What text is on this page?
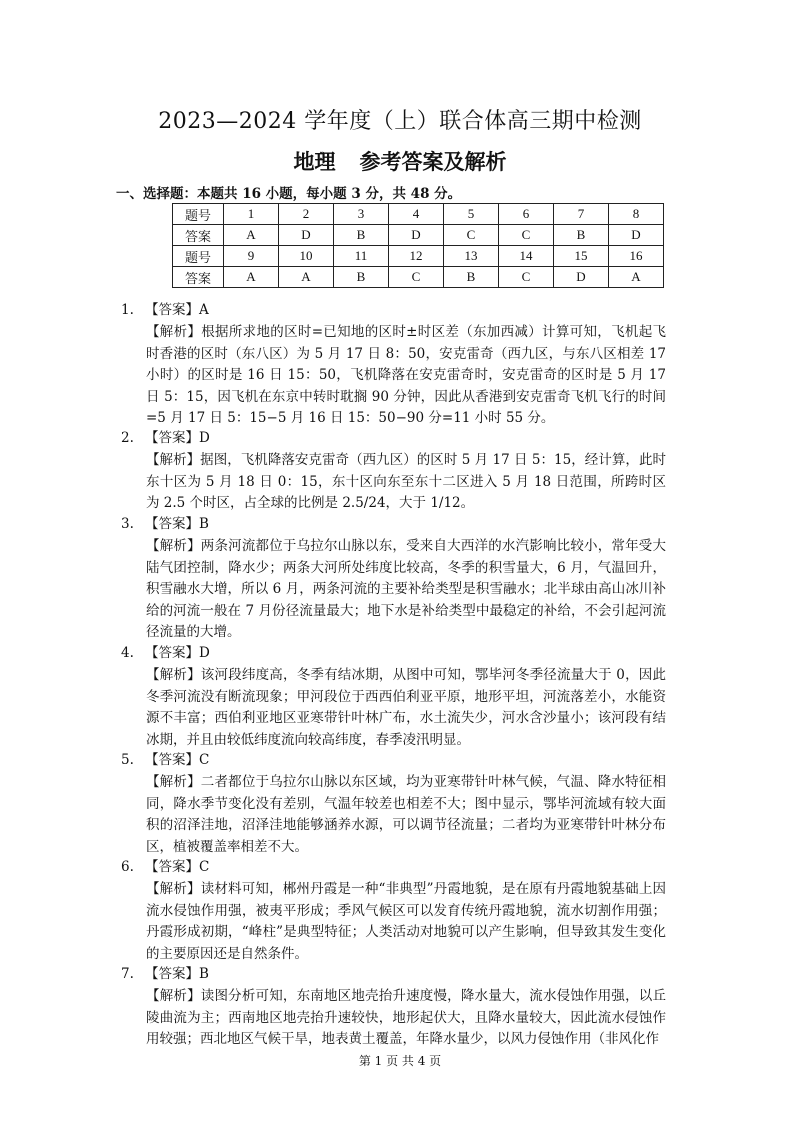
2023—2024 学年度（上）联合体高三期中检测
地理 参考答案及解析
一、选择题：本题共 16 小题，每小题 3 分，共 48 分。
题号	1	2	3	4	5	6	7	8
答案	A	D	B	D	C	C	B	D
题号	9	10	11	12	13	14	15	16
答案	A	A	B	C	B	C	D	A
1. 【答案】A
【解析】根据所求地的区时=已知地的区时±时区差（东加西减）计算可知，飞机起飞时香港的区时（东八区）为 5 月 17 日 8：50，安克雷奇（西九区，与东八区相差 17 小时）的区时是 16 日 15：50，飞机降落在安克雷奇时，安克雷奇的区时是 5 月 17 日 5：15，因飞机在东京中转时耽搁 90 分钟，因此从香港到安克雷奇飞机飞行的时间=5 月 17 日 5：15−5 月 16 日 15：50−90 分=11 小时 55 分。
2. 【答案】D
【解析】据图，飞机降落安克雷奇（西九区）的区时 5 月 17 日 5：15，经计算，此时东十区为 5 月 18 日 0：15，东十区向东至东十二区进入 5 月 18 日范围，所跨时区为 2.5 个时区，占全球的比例是 2.5/24，大于 1/12。
3. 【答案】B
【解析】两条河流都位于乌拉尔山脉以东，受来自大西洋的水汽影响比较小，常年受大陆气团控制，降水少；两条大河所处纬度比较高，冬季的积雪量大，6 月，气温回升，积雪融水大增，所以 6 月，两条河流的主要补给类型是积雪融水；北半球由高山冰川补给的河流一般在 7 月份径流量最大；地下水是补给类型中最稳定的补给，不会引起河流径流量的大增。
4. 【答案】D
【解析】该河段纬度高，冬季有结冰期，从图中可知，鄂毕河冬季径流量大于 0，因此冬季河流没有断流现象；甲河段位于西西伯利亚平原，地形平坦，河流落差小，水能资源不丰富；西伯利亚地区亚寒带针叶林广布，水土流失少，河水含沙量小；该河段有结冰期，并且由较低纬度流向较高纬度，春季凌汛明显。
5. 【答案】C
【解析】二者都位于乌拉尔山脉以东区域，均为亚寒带针叶林气候，气温、降水特征相同，降水季节变化没有差别，气温年较差也相差不大；图中显示，鄂毕河流域有较大面积的沼泽洼地，沼泽洼地能够涵养水源，可以调节径流量；二者均为亚寒带针叶林分布区，植被覆盖率相差不大。
6. 【答案】C
【解析】读材料可知，郴州丹霞是一种“非典型”丹霞地貌，是在原有丹霞地貌基础上因流水侵蚀作用强，被夷平形成；季风气候区可以发育传统丹霞地貌，流水切割作用强；丹霞形成初期，“峰柱”是典型特征；人类活动对地貌可以产生影响，但导致其发生变化的主要原因还是自然条件。
7. 【答案】B
【解析】读图分析可知，东南地区地壳抬升速度慢，降水量大，流水侵蚀作用强，以丘陵曲流为主；西南地区地壳抬升速较快，地形起伏大，且降水量较大，因此流水侵蚀作用较强；西北地区气候干旱，地表黄土覆盖，年降水量少，以风力侵蚀作用（非风化作
第 1 页 共 4 页
